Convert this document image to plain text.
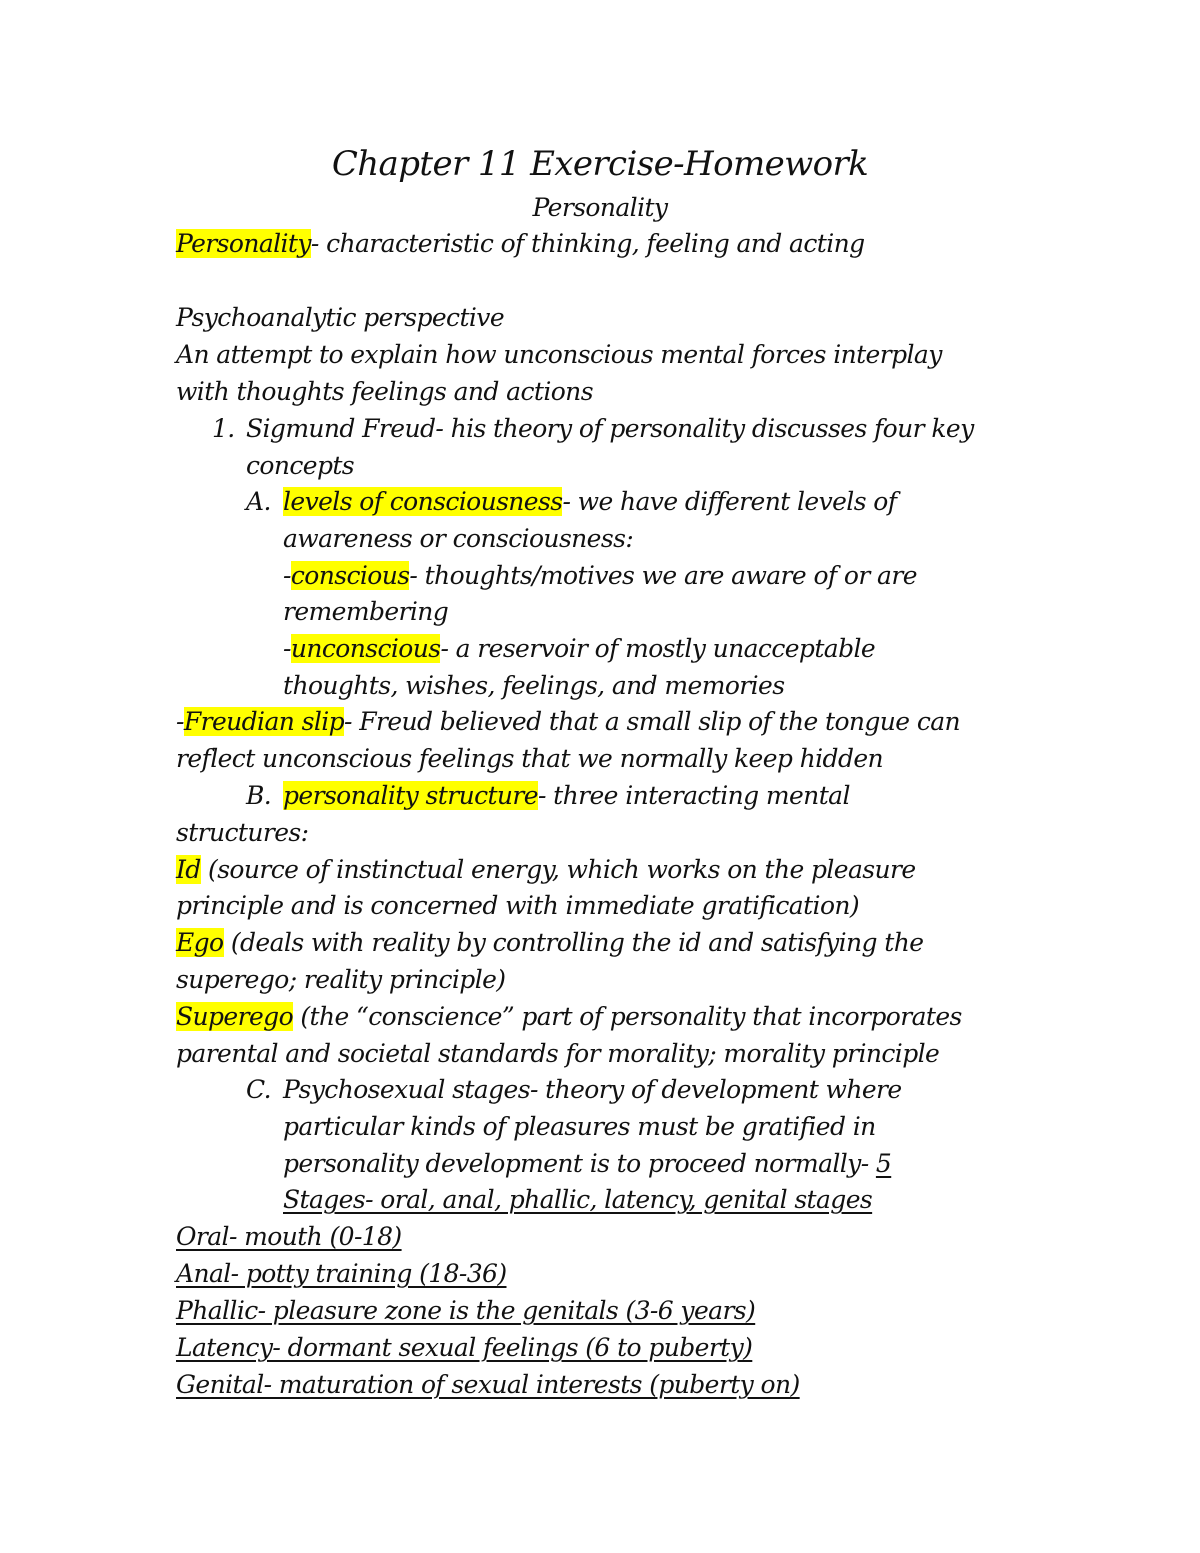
Chapter 11 Exercise-Homework
Personality
Personality- characteristic of thinking, feeling and acting
Psychoanalytic perspective
An attempt to explain how unconscious mental forces interplay
with thoughts feelings and actions
1. Sigmund Freud- his theory of personality discusses four key
concepts
A. levels of consciousness- we have different levels of
awareness or consciousness:
-conscious- thoughts/motives we are aware of or are
remembering
-unconscious- a reservoir of mostly unacceptable
thoughts, wishes, feelings, and memories
-Freudian slip- Freud believed that a small slip of the tongue can
reflect unconscious feelings that we normally keep hidden
B. personality structure- three interacting mental
structures:
Id (source of instinctual energy, which works on the pleasure
principle and is concerned with immediate gratification)
Ego (deals with reality by controlling the id and satisfying the
superego; reality principle)
Superego (the “conscience” part of personality that incorporates
parental and societal standards for morality; morality principle
C. Psychosexual stages- theory of development where
particular kinds of pleasures must be gratified in
personality development is to proceed normally- 5
Stages- oral, anal, phallic, latency, genital stages
Oral- mouth (0-18)
Anal- potty training (18-36)
Phallic- pleasure zone is the genitals (3-6 years)
Latency- dormant sexual feelings (6 to puberty)
Genital- maturation of sexual interests (puberty on)
